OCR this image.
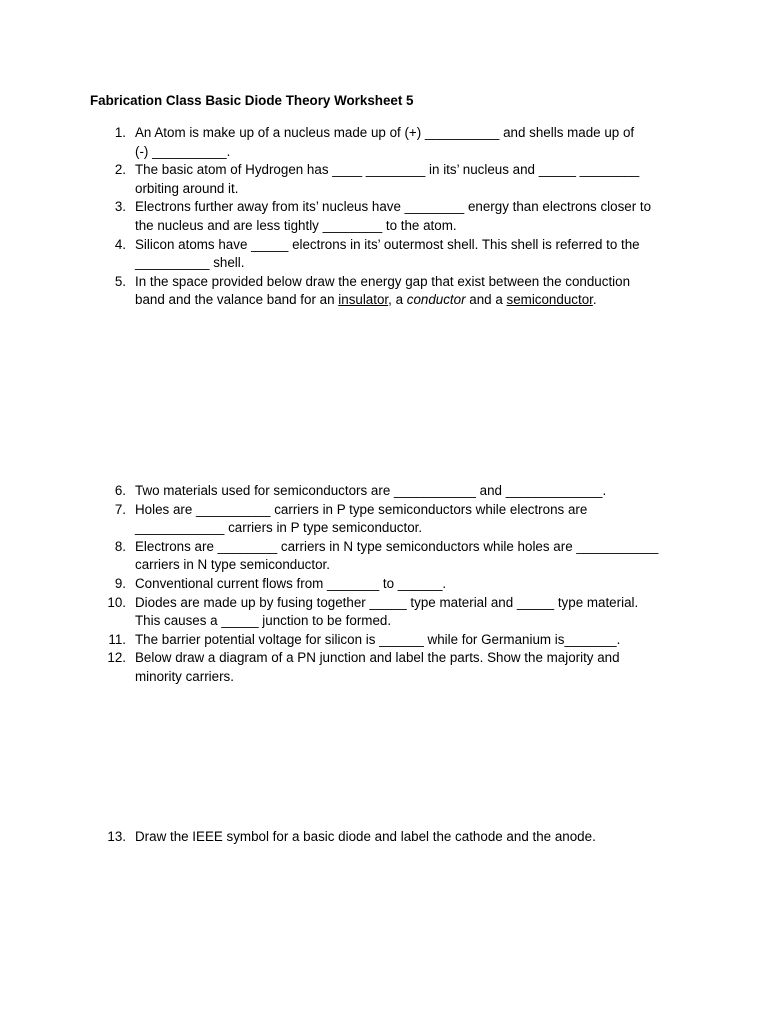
Fabrication Class Basic Diode Theory Worksheet 5
1. An Atom is make up of a nucleus made up of (+) __________ and shells made up of
(-) __________.
2. The basic atom of Hydrogen has ____ ________ in its’ nucleus and _____ ________
orbiting around it.
3. Electrons further away from its’ nucleus have ________ energy than electrons closer to
the nucleus and are less tightly ________ to the atom.
4. Silicon atoms have _____ electrons in its’ outermost shell. This shell is referred to the
__________ shell.
5. In the space provided below draw the energy gap that exist between the conduction
band and the valance band for an insulator, a conductor and a semiconductor.
6. Two materials used for semiconductors are ___________ and _____________.
7. Holes are __________ carriers in P type semiconductors while electrons are
____________ carriers in P type semiconductor.
8. Electrons are ________ carriers in N type semiconductors while holes are ___________
carriers in N type semiconductor.
9. Conventional current flows from _______ to ______.
10. Diodes are made up by fusing together _____ type material and _____ type material.
This causes a _____ junction to be formed.
11. The barrier potential voltage for silicon is ______ while for Germanium is_______.
12. Below draw a diagram of a PN junction and label the parts. Show the majority and
minority carriers.
13. Draw the IEEE symbol for a basic diode and label the cathode and the anode.
